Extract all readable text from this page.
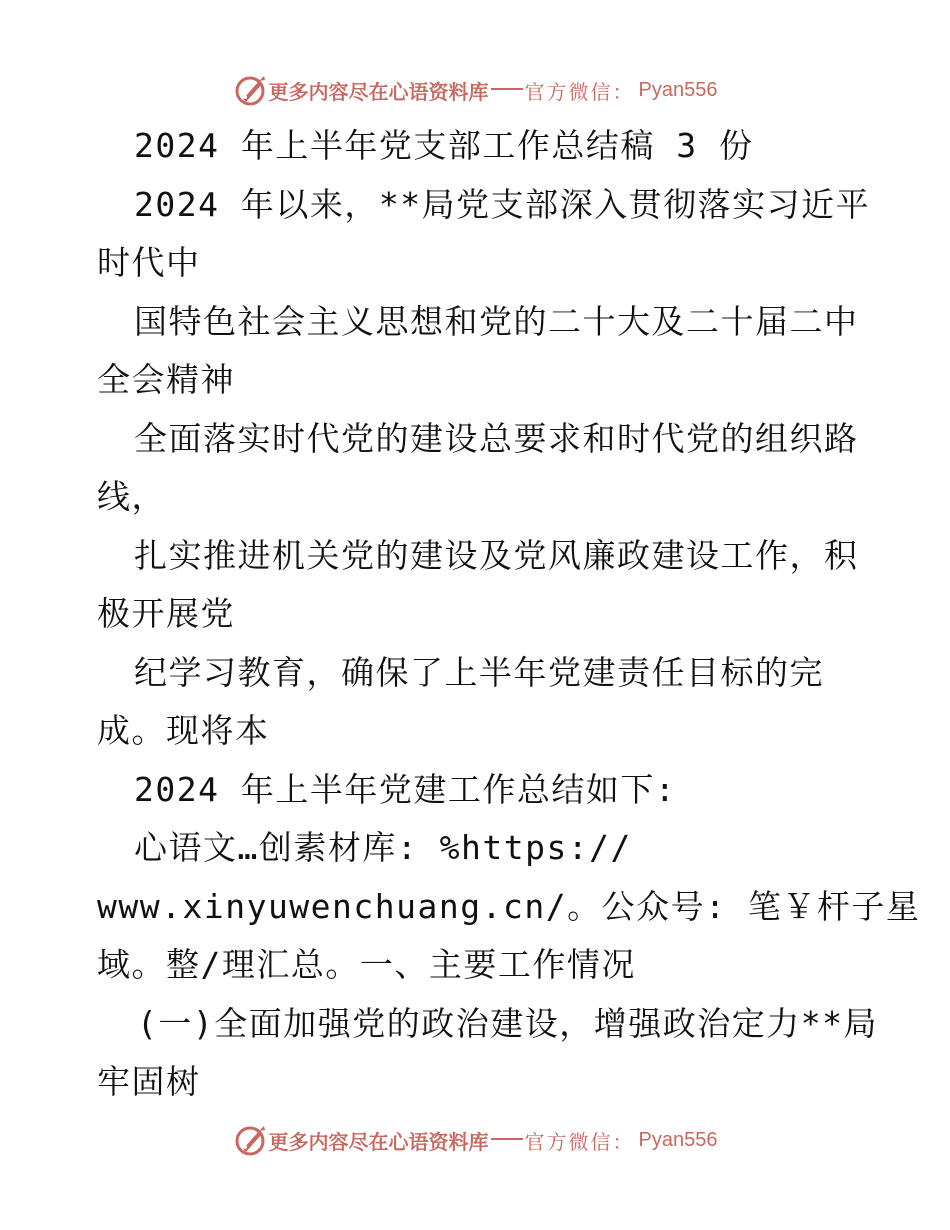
更多内容尽在心语资料库 官方微信： Pyan556
2024 年上半年党支部工作总结稿 3 份
2024 年以来，**局党支部深入贯彻落实习近平
时代中
国特色社会主义思想和党的二十大及二十届二中
全会精神
全面落实时代党的建设总要求和时代党的组织路
线，
扎实推进机关党的建设及党风廉政建设工作，积
极开展党
纪学习教育，确保了上半年党建责任目标的完
成。现将本
2024 年上半年党建工作总结如下:
心语文…创素材库: %https://
www.xinyuwenchuang.cn/。公众号: 笔￥杆子星
域。整/理汇总。一、主要工作情况
(一)全面加强党的政治建设，增强政治定力**局
牢固树
更多内容尽在心语资料库 官方微信： Pyan556
